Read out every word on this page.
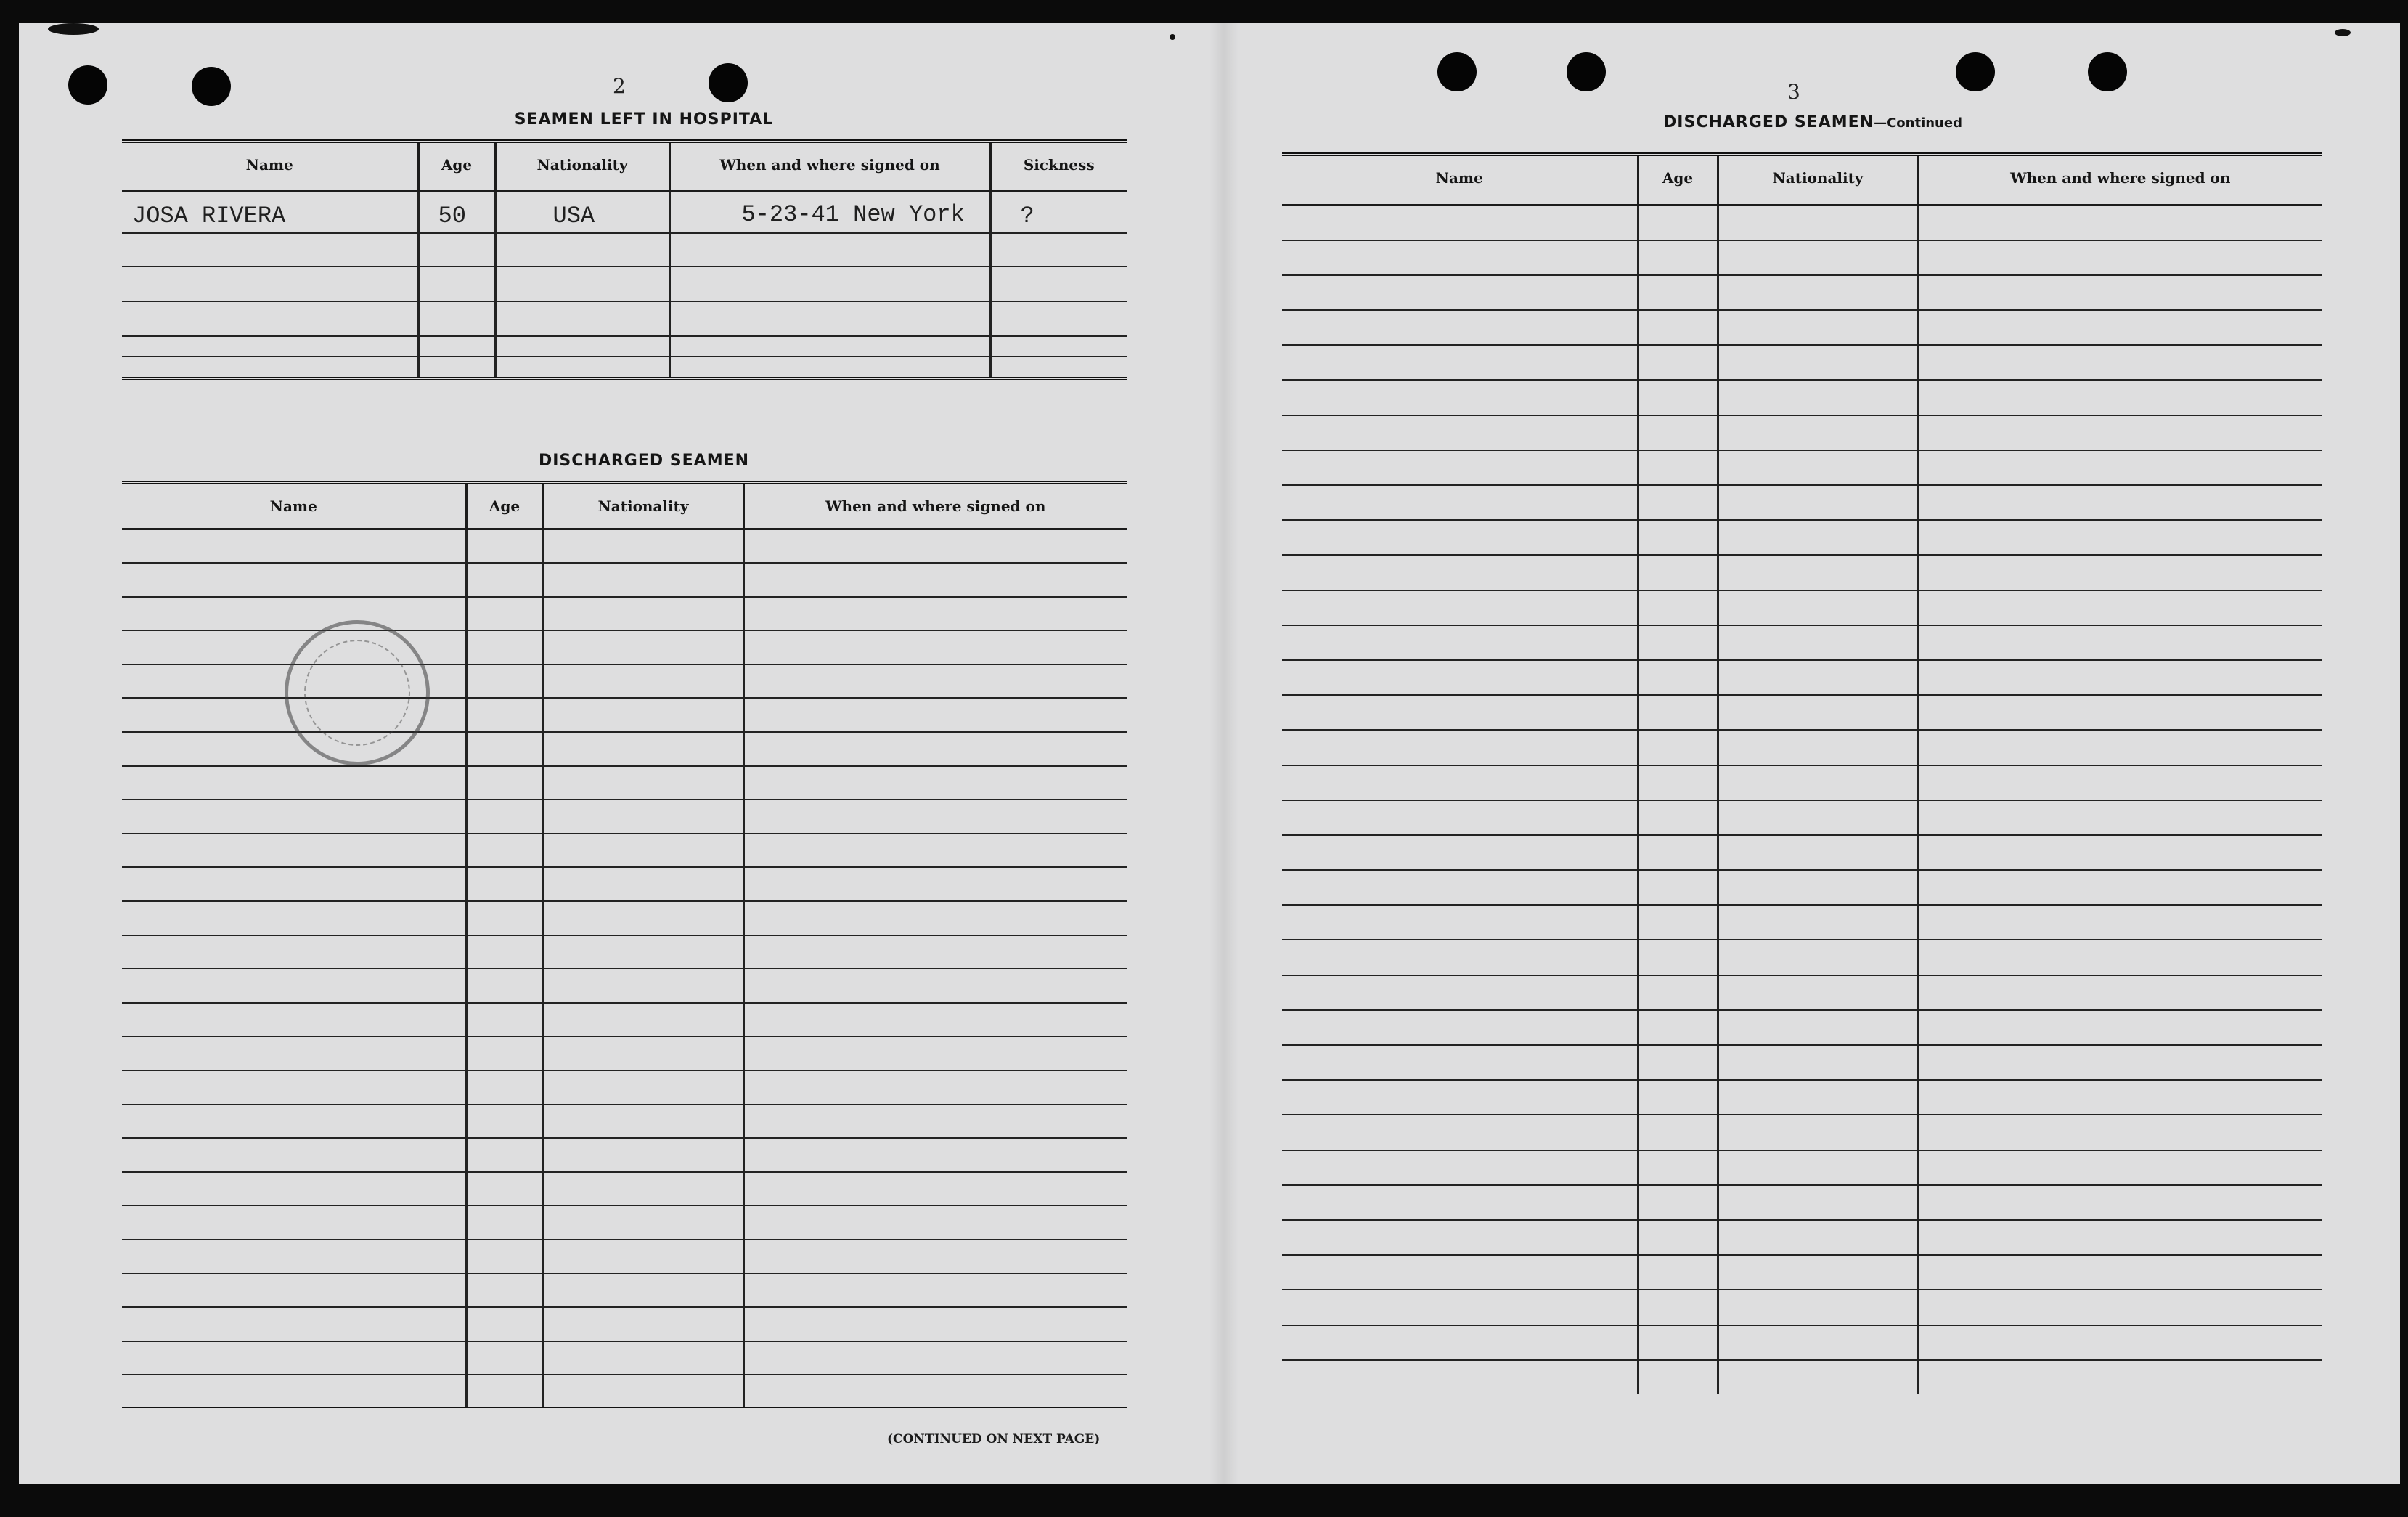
2
SEAMEN LEFT IN HOSPITAL
Name	Age	Nationality	When and where signed on	Sickness
JOSA RIVERA	50	USA	5-23-41 New York	?

DISCHARGED SEAMEN
Name	Age	Nationality	When and where signed on

(CONTINUED ON NEXT PAGE)
3
DISCHARGED SEAMEN—Continued
Name	Age	Nationality	When and where signed on
